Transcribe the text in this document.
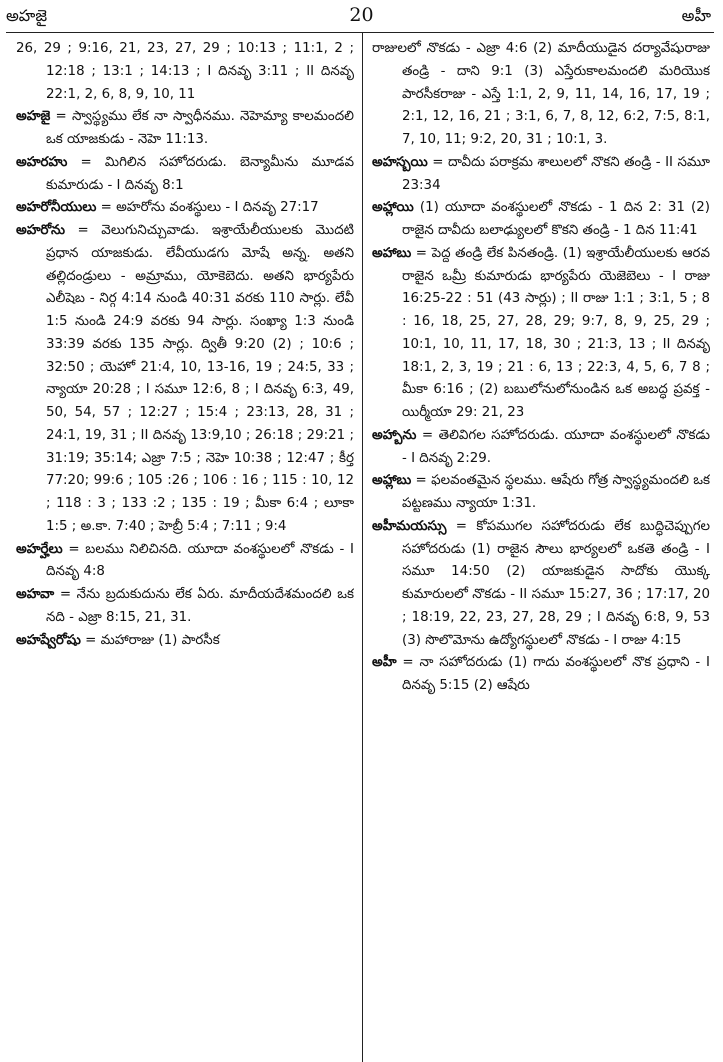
అహజై	20	అహీ

26, 29 ; 9:16, 21, 23, 27, 29 ; 10:13 ; 11:1, 2 ; 12:18 ; 13:1 ; 14:13 ; I దినవృ 3:11 ; II దినవృ 22:1, 2, 6, 8, 9, 10, 11

అహజై = స్వాస్థ్యము లేక నా స్వాధీనము. నెహెమ్యా కాలమందలి ఒక యాజకుడు - నెహె 11:13.

అహరహు = మిగిలిన సహోదరుడు. బెన్యామీను మూడవ కుమారుడు - I దినవృ 8:1

అహరోనీయులు = అహరోను వంశస్థులు - I దినవృ 27:17

అహరోను = వెలుగునిచ్చువాడు. ఇశ్రాయేలీయులకు మొదటి ప్రధాన యాజకుడు. లేవీయుడగు మోషే అన్న. అతని తల్లిదండ్రులు - అమ్రాము, యోకెబెదు. అతని భార్యపేరు ఎలీషెబ - నిర్గ 4:14 నుండి 40:31 వరకు 110 సార్లు. లేవీ 1:5 నుండి 24:9 వరకు 94 సార్లు. సంఖ్యా 1:3 నుండి 33:39 వరకు 135 సార్లు. ద్వితీ 9:20 (2) ; 10:6 ; 32:50 ; యెహో 21:4, 10, 13-16, 19 ; 24:5, 33 ; న్యాయా 20:28 ; I సమూ 12:6, 8 ; I దినవృ 6:3, 49, 50, 54, 57 ; 12:27 ; 15:4 ; 23:13, 28, 31 ; 24:1, 19, 31 ; II దినవృ 13:9,10 ; 26:18 ; 29:21 ; 31:19; 35:14; ఎజ్రా 7:5 ; నెహె 10:38 ; 12:47 ; కీర్త 77:20; 99:6 ; 105 :26 ; 106 : 16 ; 115 : 10, 12 ; 118 : 3 ; 133 :2 ; 135 : 19 ; మీకా 6:4 ; లూకా 1:5 ; అ.కా. 7:40 ; హెబ్రీ 5:4 ; 7:11 ; 9:4

అహర్హేలు = బలము నిలిచినది. యూదా వంశస్థులలో నొకడు - I దినవృ 4:8

అహవా = నేను బ్రదుకుదును లేక ఏరు. మాదీయదేశమందలి ఒక నది - ఎజ్రా 8:15, 21, 31.

అహష్వేరోషు = మహారాజు (1) పారసీక

రాజులలో నొకడు - ఎజ్రా 4:6 (2) మాదీయుడైన దర్యావేషురాజు తండ్రి - దాని 9:1 (3) ఎస్తేరుకాలమందలి మరియొక పారసీకరాజు - ఎస్తే 1:1, 2, 9, 11, 14, 16, 17, 19 ; 2:1, 12, 16, 21 ; 3:1, 6, 7, 8, 12, 6:2, 7:5, 8:1, 7, 10, 11; 9:2, 20, 31 ; 10:1, 3.

అహస్బయి = దావీదు పరాక్రమ శాలులలో నొకని తండ్రి - II సమూ 23:34

అహ్లాయి (1) యూదా వంశస్థులలో నొకడు - 1 దిన 2: 31 (2) రాజైన దావీదు బలాఢ్యులలో కొకని తండ్రి - 1 దిన 11:41

అహాబు = పెద్ద తండ్రి లేక పినతండ్రి. (1) ఇశ్రాయేలీయులకు ఆరవ రాజైన ఒమ్రీ కుమారుడు భార్యపేరు యెజెబెలు - I రాజు 16:25-22 : 51 (43 సార్లు) ; II రాజు 1:1 ; 3:1, 5 ; 8 : 16, 18, 25, 27, 28, 29; 9:7, 8, 9, 25, 29 ; 10:1, 10, 11, 17, 18, 30 ; 21:3, 13 ; II దినవృ 18:1, 2, 3, 19 ; 21 : 6, 13 ; 22:3, 4, 5, 6, 7 8 ; మీకా 6:16 ; (2) బబులోనులోనుండిన ఒక అబద్ధ ప్రవక్త - యిర్మీయా 29: 21, 23

అహ్బాను = తెలివిగల సహోదరుడు. యూదా వంశస్థులలో నొకడు - I దినవృ 2:29.

అహ్లాబు = ఫలవంతమైన స్థలము. ఆషేరు గోత్ర స్వాస్థ్యమందలి ఒక పట్టణము న్యాయా 1:31.

అహీమయస్సు = కోపముగల సహోదరుడు లేక బుద్ధిచెప్పుగల సహోదరుడు (1) రాజైన సౌలు భార్యలలో ఒకతె తండ్రి - I సమూ 14:50 (2) యాజకుడైన సాదోకు యొక్క కుమారులలో నొకడు - II సమూ 15:27, 36 ; 17:17, 20 ; 18:19, 22, 23, 27, 28, 29 ; I దినవృ 6:8, 9, 53 (3) సొలొమోను ఉద్యోగస్థులలో నొకడు - I రాజు 4:15

అహీ = నా సహోదరుడు (1) గాదు వంశస్థులలో నొక ప్రధాని - I దినవృ 5:15 (2) ఆషేరు
